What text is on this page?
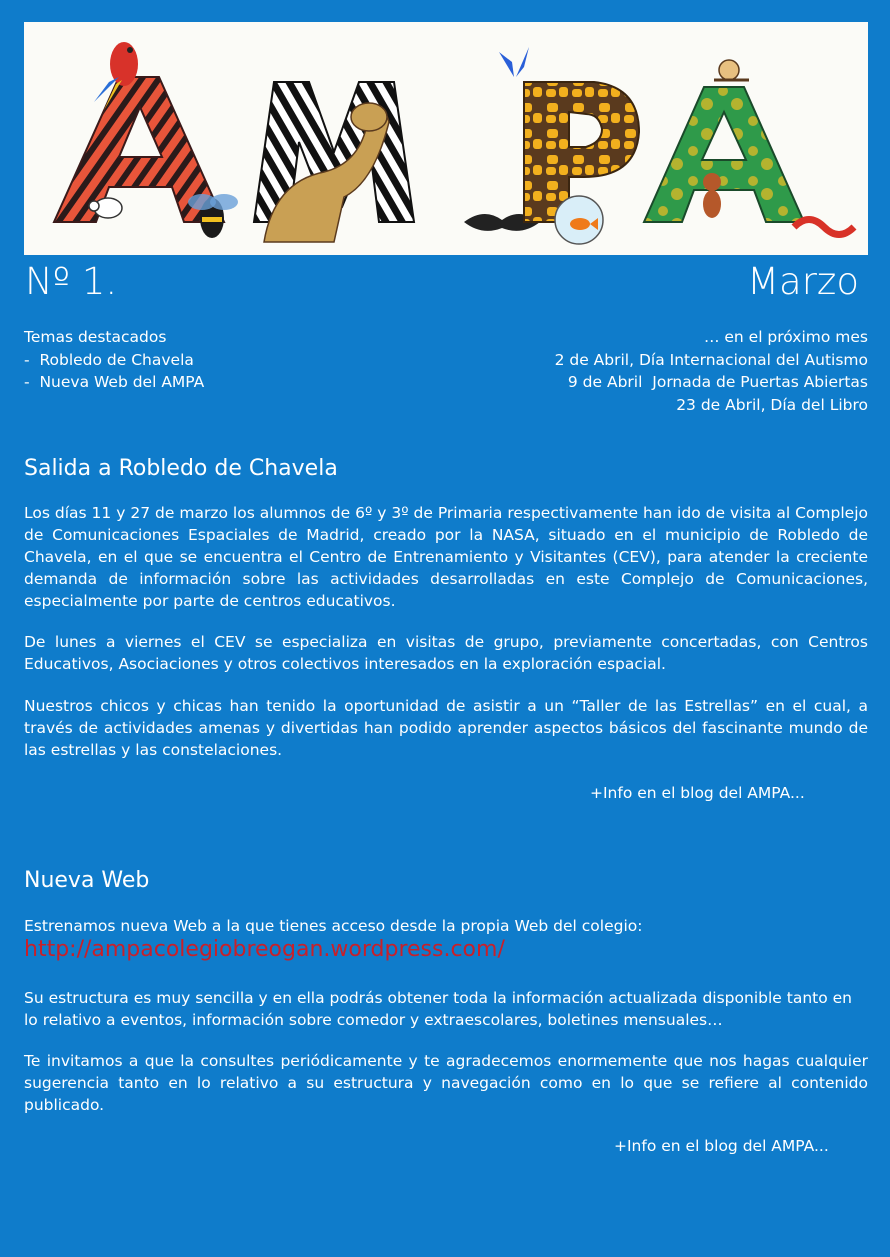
Nº 1.	Marzo
Temas destacados
-  Robledo de Chavela
-  Nueva Web del AMPA
… en el próximo mes
2 de Abril, Día Internacional del Autismo
9 de Abril  Jornada de Puertas Abiertas
23 de Abril, Día del Libro
Salida a Robledo de Chavela

Los días 11 y 27 de marzo los alumnos de 6º y 3º de Primaria respectivamente han ido de visita al Complejo de Comunicaciones Espaciales de Madrid, creado por la NASA, situado en el municipio de Robledo de Chavela, en el que se encuentra el Centro de Entrenamiento y Visitantes (CEV), para atender la creciente demanda de información sobre las actividades desarrolladas en este Complejo de Comunicaciones, especialmente por parte de centros educativos.

De lunes a viernes el CEV se especializa en visitas de grupo, previamente concertadas, con Centros Educativos, Asociaciones y otros colectivos interesados en la exploración espacial.

Nuestros chicos y chicas han tenido la oportunidad de asistir a un “Taller de las Estrellas” en el cual, a través de actividades amenas y divertidas han podido aprender aspectos básicos del fascinante mundo de las estrellas y las constelaciones.

+Info en el blog del AMPA...
Nueva Web

Estrenamos nueva Web a la que tienes acceso desde la propia Web del colegio:

http://ampacolegiobreogan.wordpress.com/

Su estructura es muy sencilla y en ella podrás obtener toda la información actualizada disponible tanto en lo relativo a eventos, información sobre comedor y extraescolares, boletines mensuales…

Te invitamos a que la consultes periódicamente y te agradecemos enormemente que nos hagas cualquier sugerencia tanto en lo relativo a su estructura y navegación como en lo que se refiere al contenido publicado.

+Info en el blog del AMPA...
